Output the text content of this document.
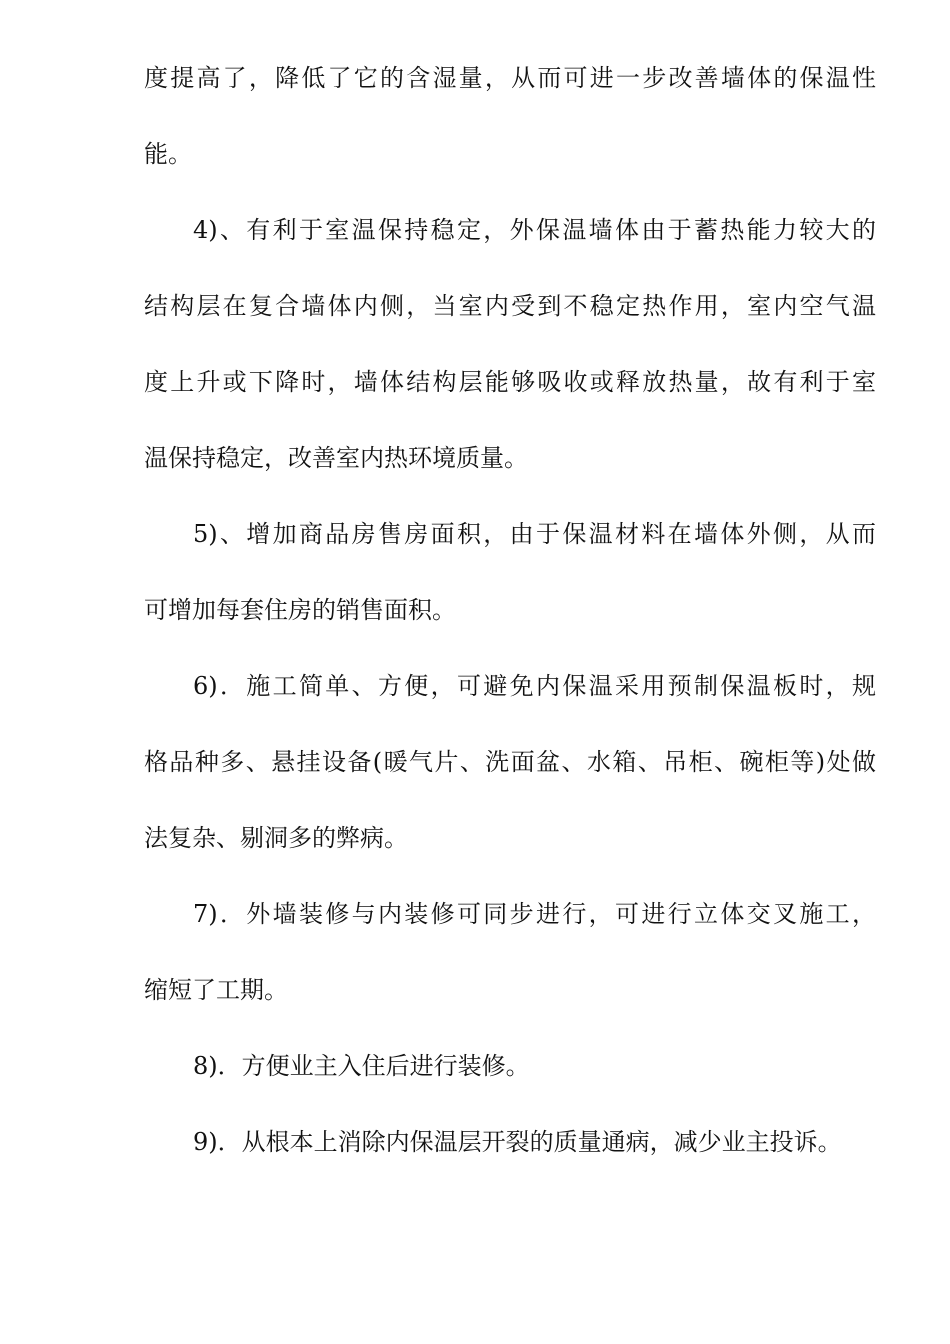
度提高了，降低了它的含湿量，从而可进一步改善墙体的保温性
能。
4)、有利于室温保持稳定，外保温墙体由于蓄热能力较大的
结构层在复合墙体内侧，当室内受到不稳定热作用，室内空气温
度上升或下降时，墙体结构层能够吸收或释放热量，故有利于室
温保持稳定，改善室内热环境质量。
5)、增加商品房售房面积，由于保温材料在墙体外侧，从而
可增加每套住房的销售面积。
6)．施工简单、方便，可避免内保温采用预制保温板时，规
格品种多、悬挂设备(暖气片、洗面盆、水箱、吊柜、碗柜等)处做
法复杂、剔洞多的弊病。
7)．外墙装修与内装修可同步进行，可进行立体交叉施工，
缩短了工期。
8)．方便业主入住后进行装修。
9)．从根本上消除内保温层开裂的质量通病，减少业主投诉。
